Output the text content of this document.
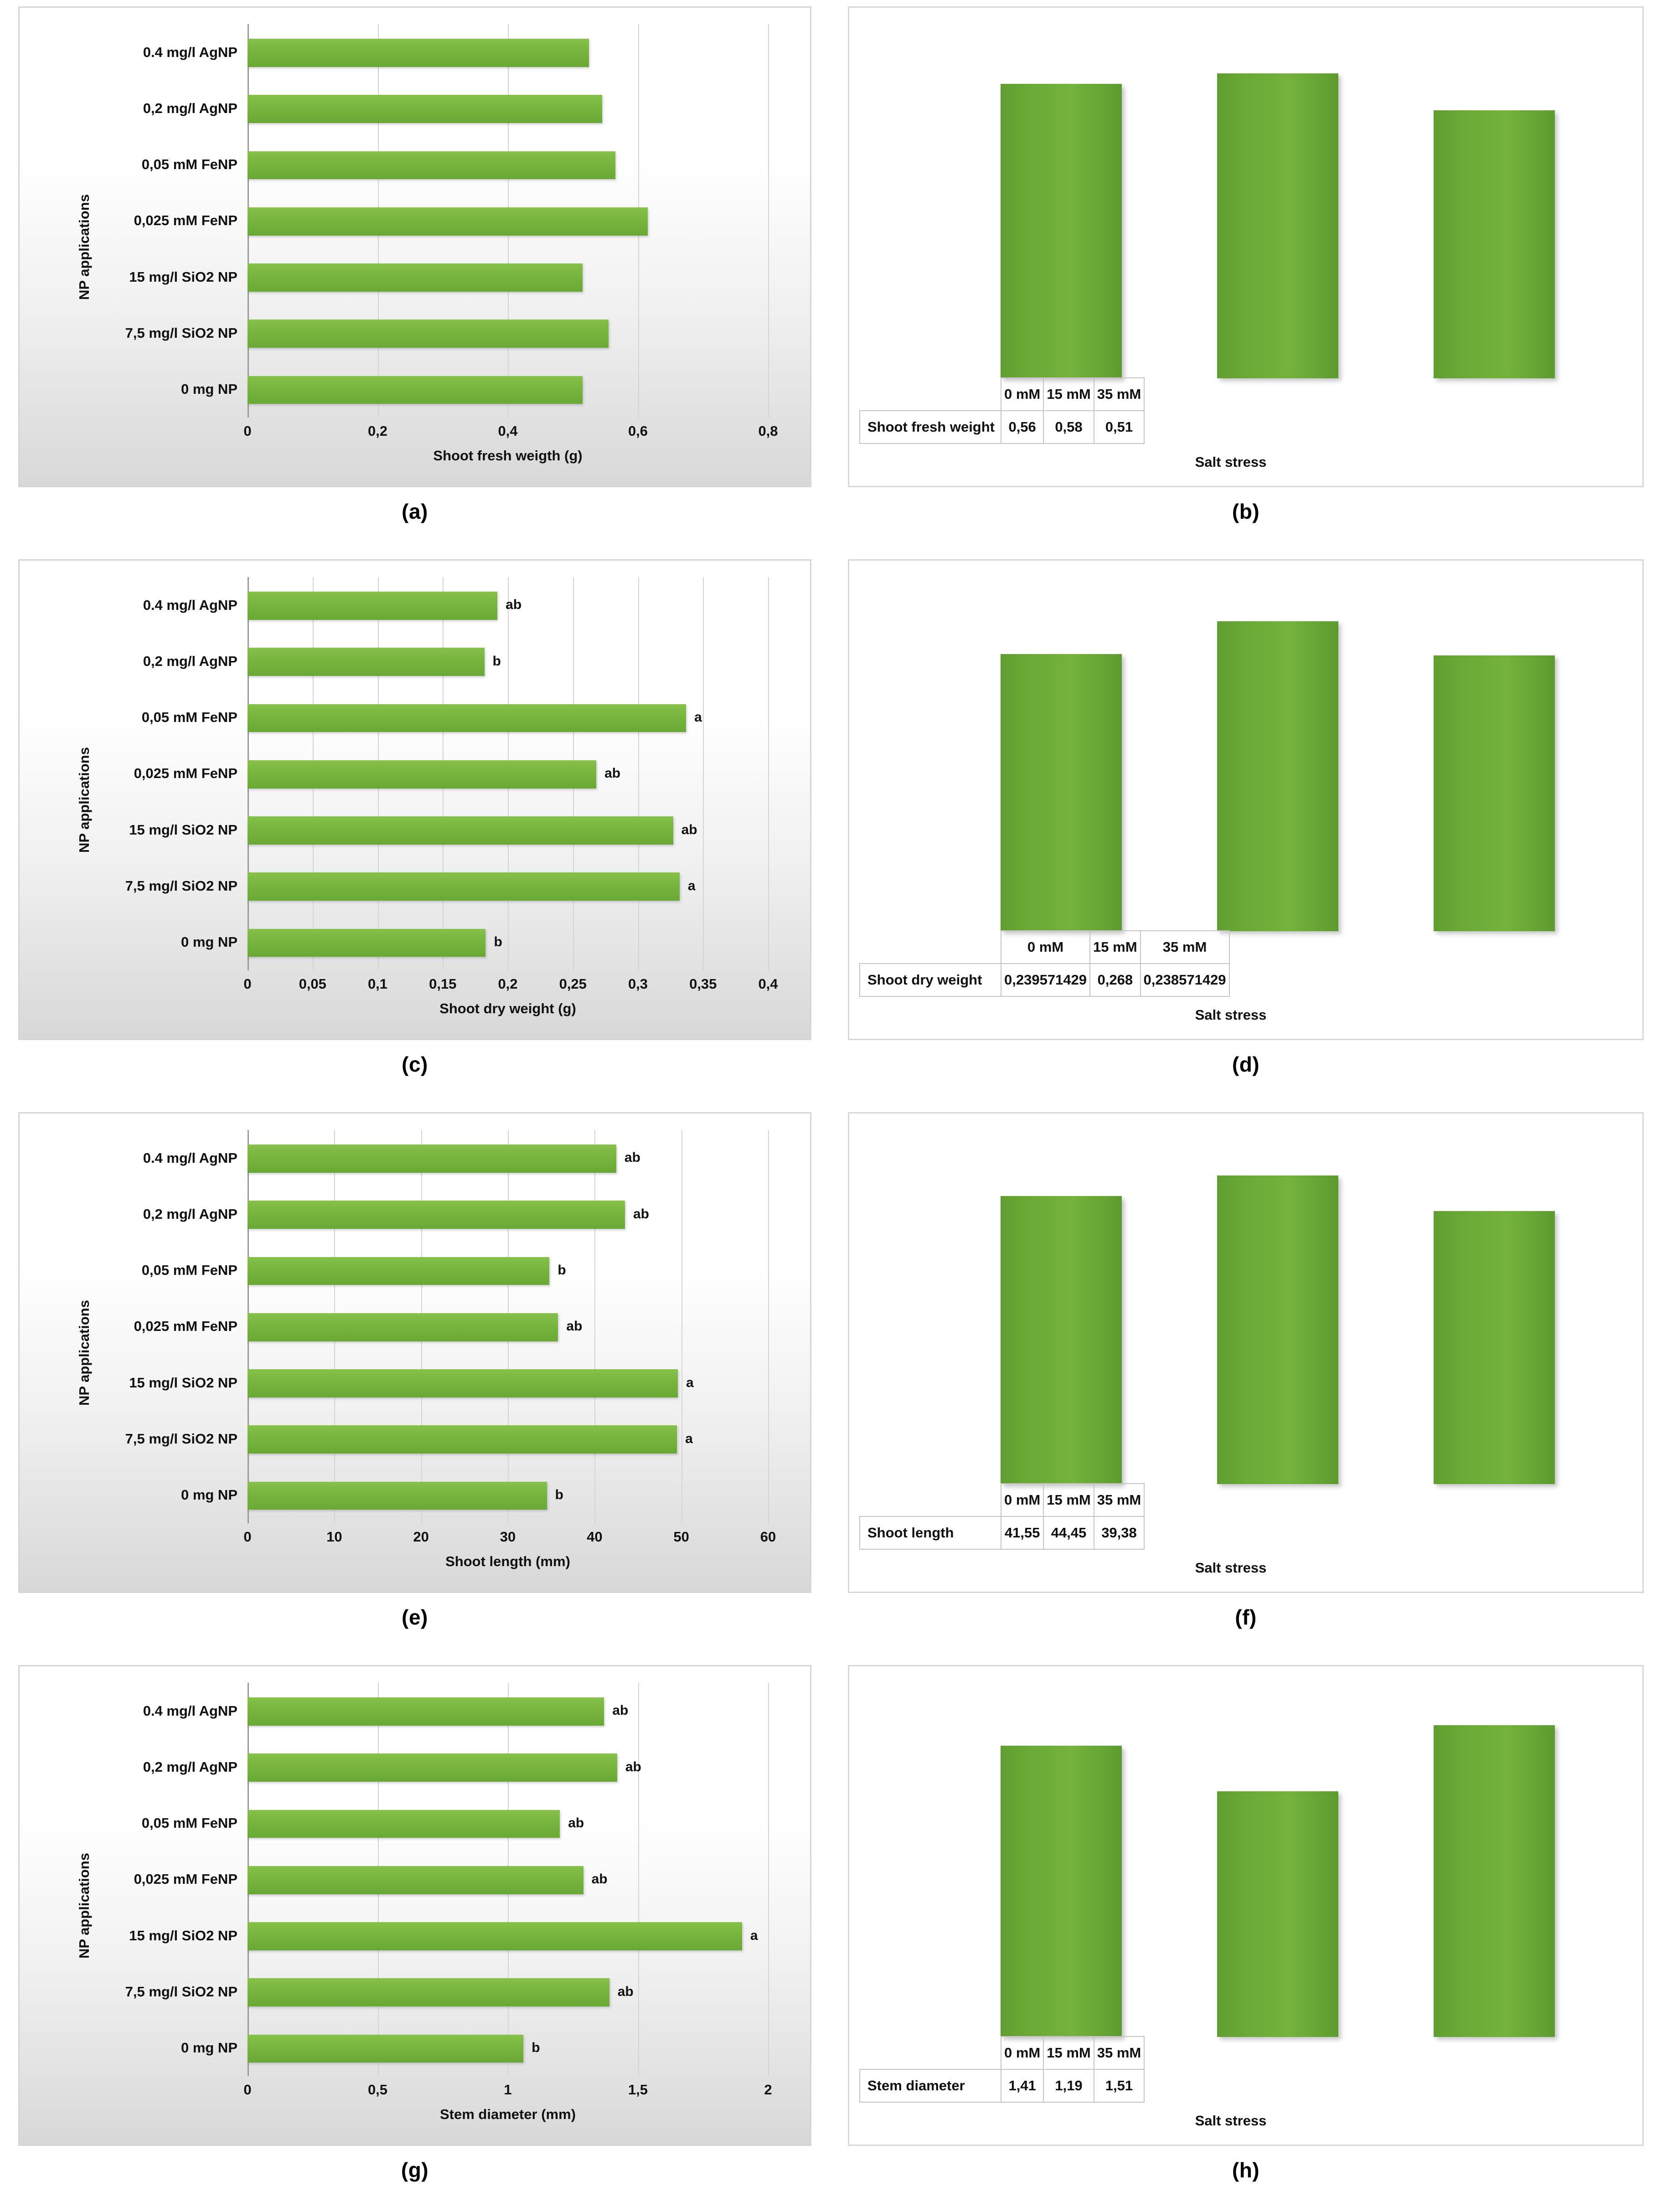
NP applications
0.4 mg/l AgNP
0,2 mg/l AgNP
0,05 mM FeNP
0,025 mM FeNP
15 mg/l SiO2 NP
7,5 mg/l SiO2 NP
0 mg NP
0	0,2	0,4	0,6	0,8
Shoot fresh weigth (g)
(a)
	0 mM	15 mM	35 mM
Shoot fresh weight	0,56	0,58	0,51
Salt stress
(b)
NP applications
0.4 mg/l AgNP	ab
0,2 mg/l AgNP	b
0,05 mM FeNP	a
0,025 mM FeNP	ab
15 mg/l SiO2 NP	ab
7,5 mg/l SiO2 NP	a
0 mg NP	b
0	0,05	0,1	0,15	0,2	0,25	0,3	0,35	0,4
Shoot dry weight (g)
(c)
	0 mM	15 mM	35 mM
Shoot dry weight	0,239571429	0,268	0,238571429
Salt stress
(d)
NP applications
0.4 mg/l AgNP	ab
0,2 mg/l AgNP	ab
0,05 mM FeNP	b
0,025 mM FeNP	ab
15 mg/l SiO2 NP	a
7,5 mg/l SiO2 NP	a
0 mg NP	b
0	10	20	30	40	50	60
Shoot length (mm)
(e)
	0 mM	15 mM	35 mM
Shoot length	41,55	44,45	39,38
Salt stress
(f)
NP applications
0.4 mg/l AgNP	ab
0,2 mg/l AgNP	ab
0,05 mM FeNP	ab
0,025 mM FeNP	ab
15 mg/l SiO2 NP	a
7,5 mg/l SiO2 NP	ab
0 mg NP	b
0	0,5	1	1,5	2
Stem diameter (mm)
(g)
	0 mM	15 mM	35 mM
Stem diameter	1,41	1,19	1,51
Salt stress
(h)
